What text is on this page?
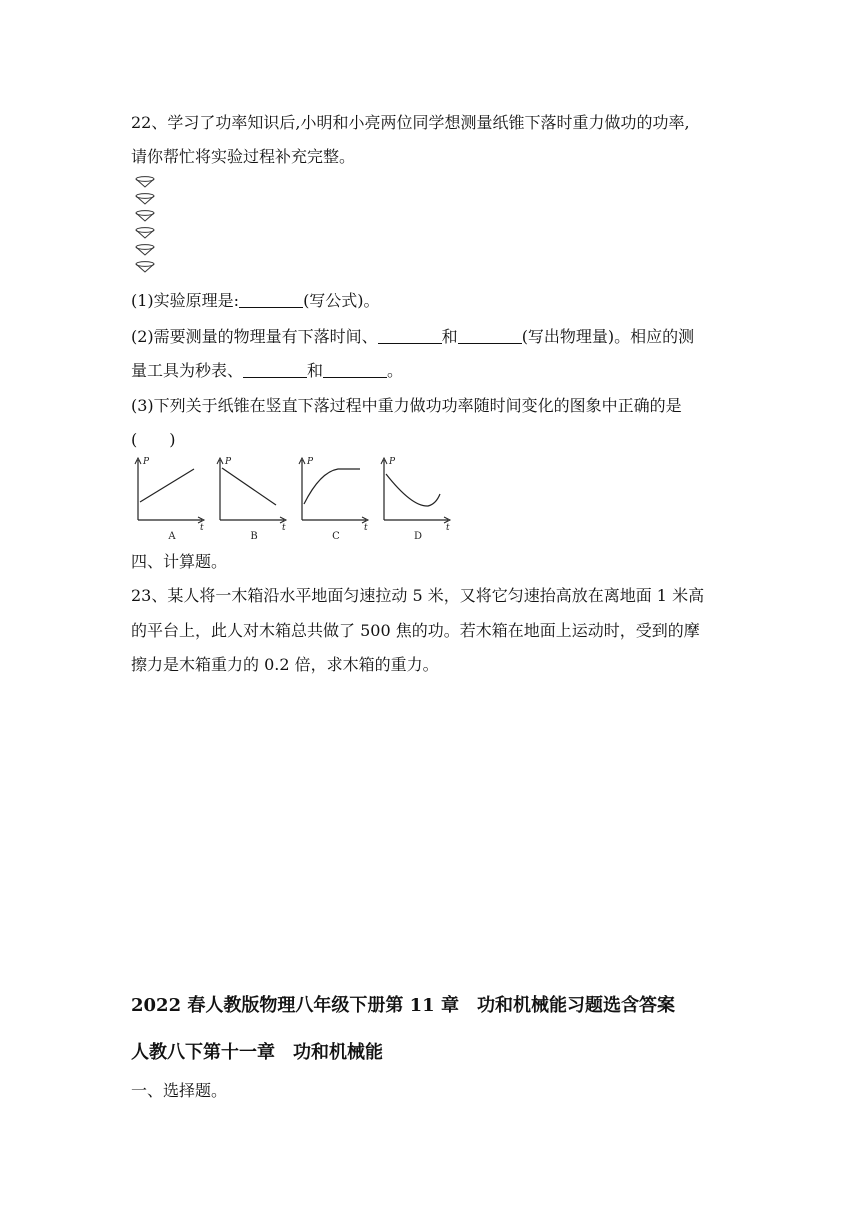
22、学习了功率知识后,小明和小亮两位同学想测量纸锥下落时重力做功的功率,
请你帮忙将实验过程补充完整。
(1)实验原理是:	(写公式)。
(2)需要测量的物理量有下落时间、	和	(写出物理量)。相应的测
量工具为秒表、	和	。
(3)下列关于纸锥在竖直下落过程中重力做功功率随时间变化的图象中正确的是
(　　)
P
t
A
P
t
B
P
t
C
P
t
D
四、计算题。
23、某人将一木箱沿水平地面匀速拉动 5 米，又将它匀速抬高放在离地面 1 米高
的平台上，此人对木箱总共做了 500 焦的功。若木箱在地面上运动时，受到的摩
擦力是木箱重力的 0.2 倍，求木箱的重力。
2022 春人教版物理八年级下册第 11 章　功和机械能习题选含答案
人教八下第十一章　功和机械能
一、选择题。
